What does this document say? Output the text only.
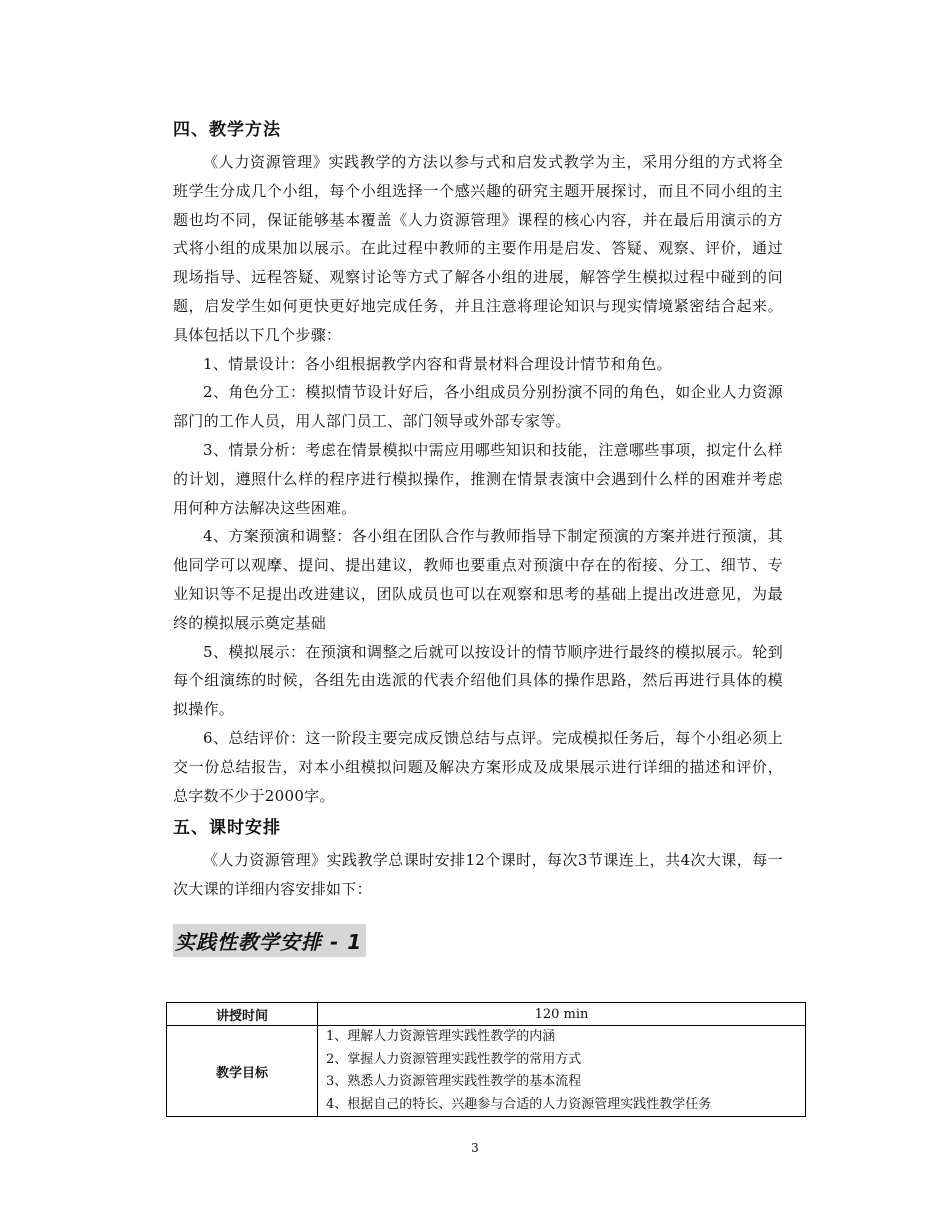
四、教学方法

《人力资源管理》实践教学的方法以参与式和启发式教学为主，采用分组的方式将全班学生分成几个小组，每个小组选择一个感兴趣的研究主题开展探讨，而且不同小组的主题也均不同，保证能够基本覆盖《人力资源管理》课程的核心内容，并在最后用演示的方式将小组的成果加以展示。在此过程中教师的主要作用是启发、答疑、观察、评价，通过现场指导、远程答疑、观察讨论等方式了解各小组的进展，解答学生模拟过程中碰到的问题，启发学生如何更快更好地完成任务，并且注意将理论知识与现实情境紧密结合起来。具体包括以下几个步骤：

1、情景设计：各小组根据教学内容和背景材料合理设计情节和角色。

2、角色分工：模拟情节设计好后，各小组成员分别扮演不同的角色，如企业人力资源部门的工作人员，用人部门员工、部门领导或外部专家等。

3、情景分析：考虑在情景模拟中需应用哪些知识和技能，注意哪些事项，拟定什么样的计划，遵照什么样的程序进行模拟操作，推测在情景表演中会遇到什么样的困难并考虑用何种方法解决这些困难。

4、方案预演和调整：各小组在团队合作与教师指导下制定预演的方案并进行预演，其他同学可以观摩、提问、提出建议，教师也要重点对预演中存在的衔接、分工、细节、专业知识等不足提出改进建议，团队成员也可以在观察和思考的基础上提出改进意见，为最终的模拟展示奠定基础

5、模拟展示：在预演和调整之后就可以按设计的情节顺序进行最终的模拟展示。轮到每个组演练的时候，各组先由选派的代表介绍他们具体的操作思路，然后再进行具体的模拟操作。

6、总结评价：这一阶段主要完成反馈总结与点评。完成模拟任务后，每个小组必须上交一份总结报告，对本小组模拟问题及解决方案形成及成果展示进行详细的描述和评价，总字数不少于2000字。

五、课时安排

《人力资源管理》实践教学总课时安排12个课时，每次3节课连上，共4次大课，每一次大课的详细内容安排如下：

实践性教学安排 - 1
讲授时间	120 min
教学目标	1、理解人力资源管理实践性教学的内涵
2、掌握人力资源管理实践性教学的常用方式
3、熟悉人力资源管理实践性教学的基本流程
4、根据自己的特长、兴趣参与合适的人力资源管理实践性教学任务
3
